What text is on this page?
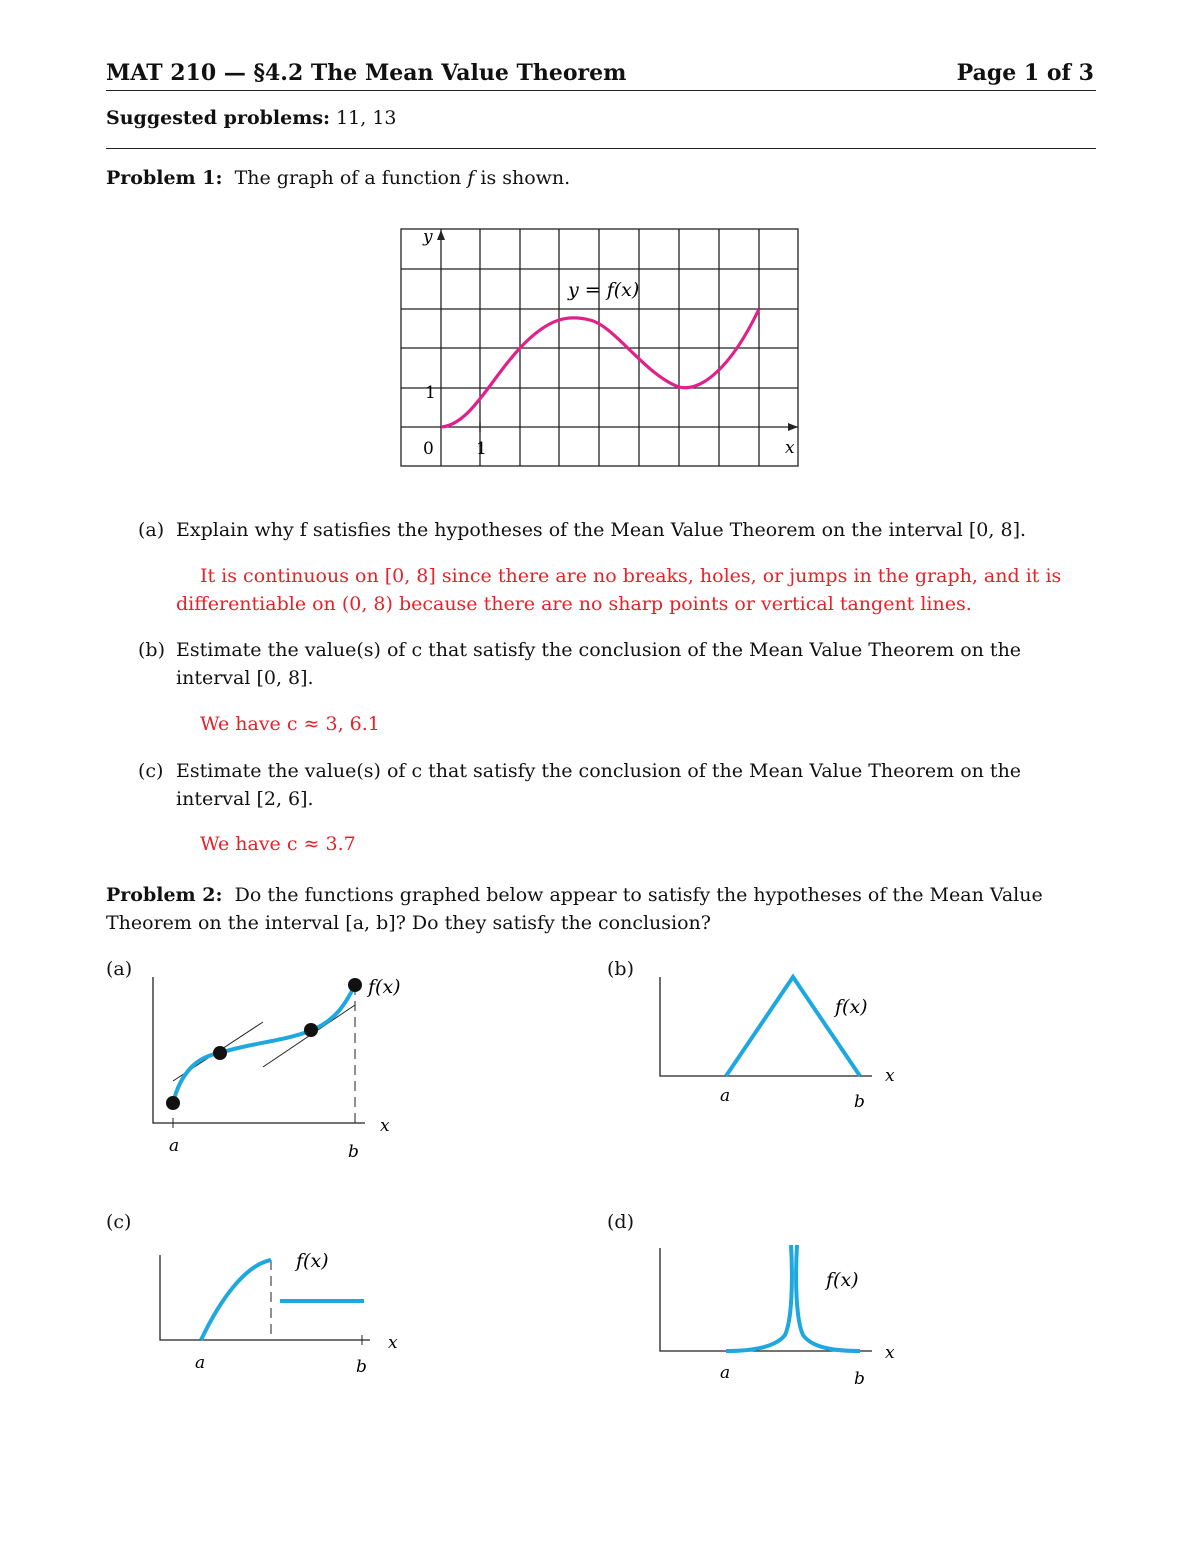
MAT 210 — §4.2 The Mean Value Theorem	Page 1 of 3
Suggested problems: 11, 13
Problem 1: The graph of a function f is shown.
y
x
0 1
1
y = f(x)
(a) Explain why f satisfies the hypotheses of the Mean Value Theorem on the interval [0, 8].
It is continuous on [0, 8] since there are no breaks, holes, or jumps in the graph, and it is differentiable on (0, 8) because there are no sharp points or vertical tangent lines.
(b) Estimate the value(s) of c that satisfy the conclusion of the Mean Value Theorem on the interval [0, 8].
We have c ≈ 3, 6.1
(c) Estimate the value(s) of c that satisfy the conclusion of the Mean Value Theorem on the interval [2, 6].
We have c ≈ 3.7
Problem 2: Do the functions graphed below appear to satisfy the hypotheses of the Mean Value Theorem on the interval [a, b]? Do they satisfy the conclusion?
(a)
f(x)
a	b
x
(b)
f(x)
a	b
x
(c)
f(x)
a	b
x
(d)
f(x)
a	b
x
